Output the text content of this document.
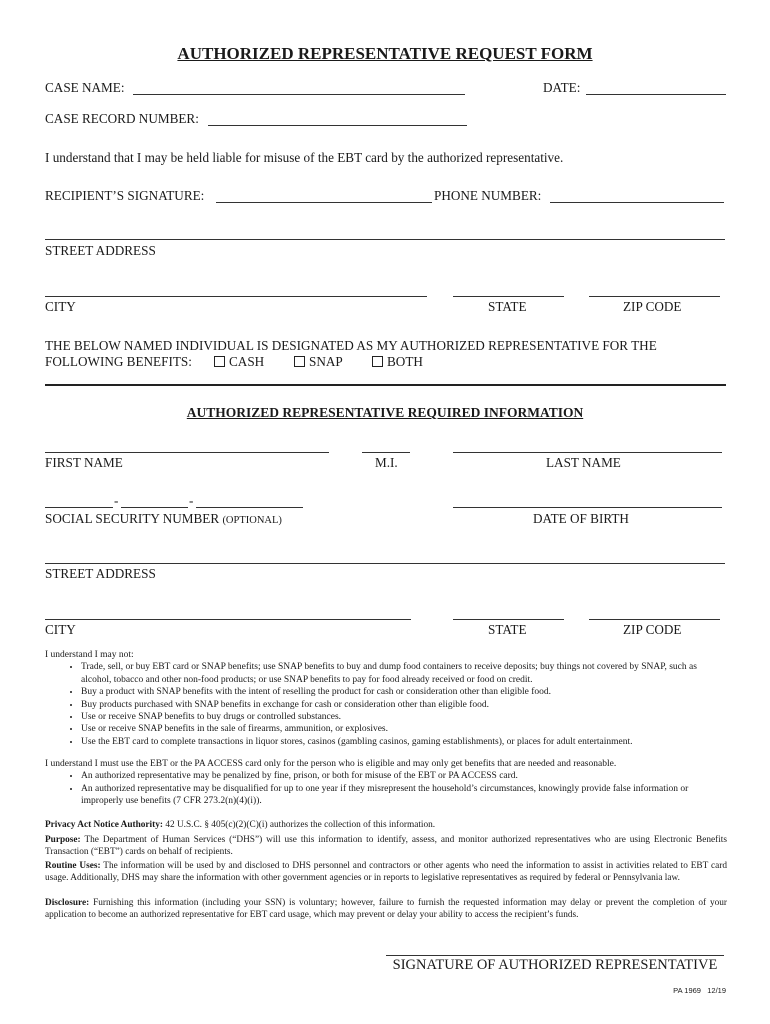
AUTHORIZED REPRESENTATIVE REQUEST FORM
CASE NAME:	DATE:
CASE RECORD NUMBER:
I understand that I may be held liable for misuse of the EBT card by the authorized representative.
RECIPIENT’S SIGNATURE:	PHONE NUMBER:
STREET ADDRESS
CITY	STATE	ZIP CODE
THE BELOW NAMED INDIVIDUAL IS DESIGNATED AS MY AUTHORIZED REPRESENTATIVE FOR THE
FOLLOWING BENEFITS:	CASH	SNAP	BOTH
AUTHORIZED REPRESENTATIVE REQUIRED INFORMATION
FIRST NAME	M.I.	LAST NAME
-	-
SOCIAL SECURITY NUMBER (OPTIONAL)	DATE OF BIRTH
STREET ADDRESS
CITY	STATE	ZIP CODE
I understand I may not:
• Trade, sell, or buy EBT card or SNAP benefits; use SNAP benefits to buy and dump food containers to receive deposits; buy things not covered by SNAP, such as alcohol, tobacco and other non-food products; or use SNAP benefits to pay for food already received or food on credit.
• Buy a product with SNAP benefits with the intent of reselling the product for cash or consideration other than eligible food.
• Buy products purchased with SNAP benefits in exchange for cash or consideration other than eligible food.
• Use or receive SNAP benefits to buy drugs or controlled substances.
• Use or receive SNAP benefits in the sale of firearms, ammunition, or explosives.
• Use the EBT card to complete transactions in liquor stores, casinos (gambling casinos, gaming establishments), or places for adult entertainment.
I understand I must use the EBT or the PA ACCESS card only for the person who is eligible and may only get benefits that are needed and reasonable.
• An authorized representative may be penalized by fine, prison, or both for misuse of the EBT or PA ACCESS card.
• An authorized representative may be disqualified for up to one year if they misrepresent the household’s circumstances, knowingly provide false information or improperly use benefits (7 CFR 273.2(n)(4)(i)).
Privacy Act Notice Authority: 42 U.S.C. § 405(c)(2)(C)(i) authorizes the collection of this information.
Purpose: The Department of Human Services (“DHS”) will use this information to identify, assess, and monitor authorized representatives who are using Electronic Benefits Transaction (“EBT”) cards on behalf of recipients.
Routine Uses: The information will be used by and disclosed to DHS personnel and contractors or other agents who need the information to assist in activities related to EBT card usage. Additionally, DHS may share the information with other government agencies or in reports to legislative representatives as required by federal or Pennsylvania law.
Disclosure: Furnishing this information (including your SSN) is voluntary; however, failure to furnish the requested information may delay or prevent the completion of your application to become an authorized representative for EBT card usage, which may prevent or delay your ability to access the recipient’s funds.
SIGNATURE OF AUTHORIZED REPRESENTATIVE
PA 1969   12/19
